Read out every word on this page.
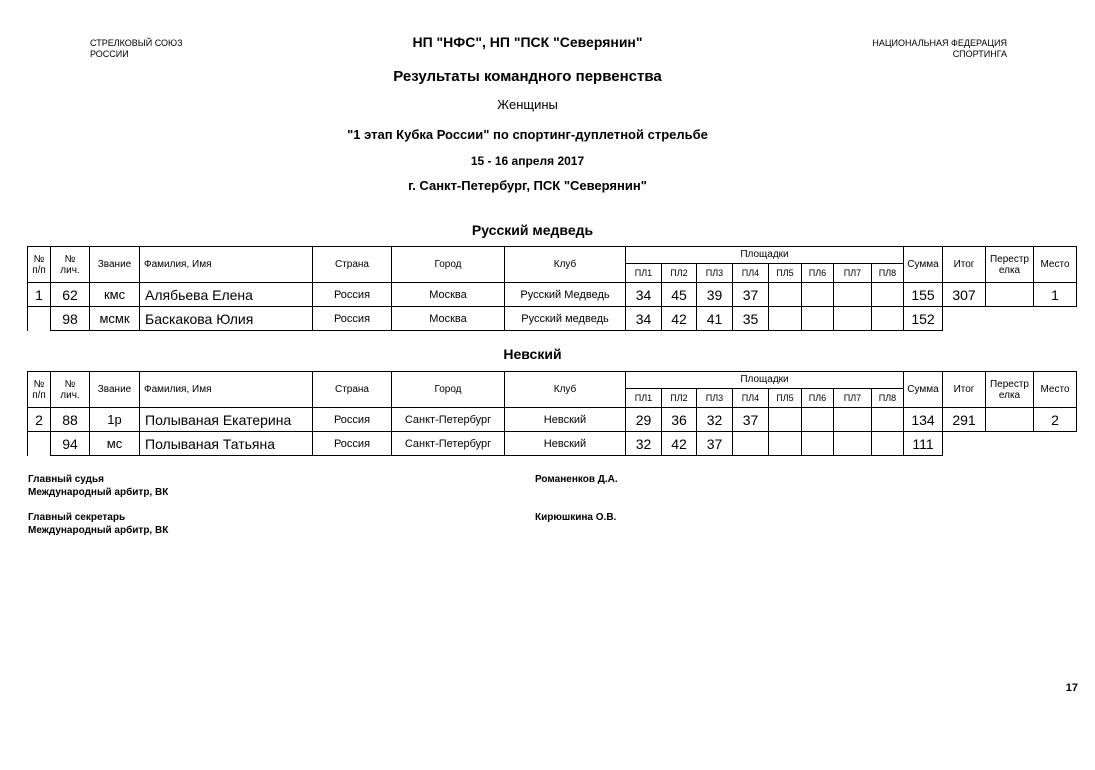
СТРЕЛКОВЫЙ СОЮЗ
РОССИИ
НП "НФС", НП "ПСК "Северянин"	НАЦИОНАЛЬНАЯ ФЕДЕРАЦИЯ
СПОРТИНГА
Результаты командного первенства
Женщины
"1 этап Кубка России" по спортинг-дуплетной стрельбе
15 - 16 апреля 2017
г. Санкт-Петербург, ПСК "Северянин"
Русский медведь
№
п/п	№
лич.	Звание	Фамилия, Имя	Страна	Город	Клуб	Площадки								Сумма	Итог	Перестр
елка	Место
							ПЛ1	ПЛ2	ПЛ3	ПЛ4	ПЛ5	ПЛ6	ПЛ7	ПЛ8				
1	62	кмс	Алябьева Елена	Россия	Москва	Русский Медведь	34	45	39	37					155	307		1
	98	мсмк	Баскакова Юлия	Россия	Москва	Русский медведь	34	42	41	35					152			
Невский
№
п/п	№
лич.	Звание	Фамилия, Имя	Страна	Город	Клуб	Площадки								Сумма	Итог	Перестр
елка	Место
							ПЛ1	ПЛ2	ПЛ3	ПЛ4	ПЛ5	ПЛ6	ПЛ7	ПЛ8				
2	88	1р	Полываная Екатерина	Россия	Санкт-Петербург	Невский	29	36	32	37					134	291		2
	94	мс	Полываная Татьяна	Россия	Санкт-Петербург	Невский	32	42	37						111			
Главный судья
Международный арбитр, ВК
Романенков Д.А.
Главный секретарь
Международный арбитр, ВК
Кирюшкина О.В.
17
